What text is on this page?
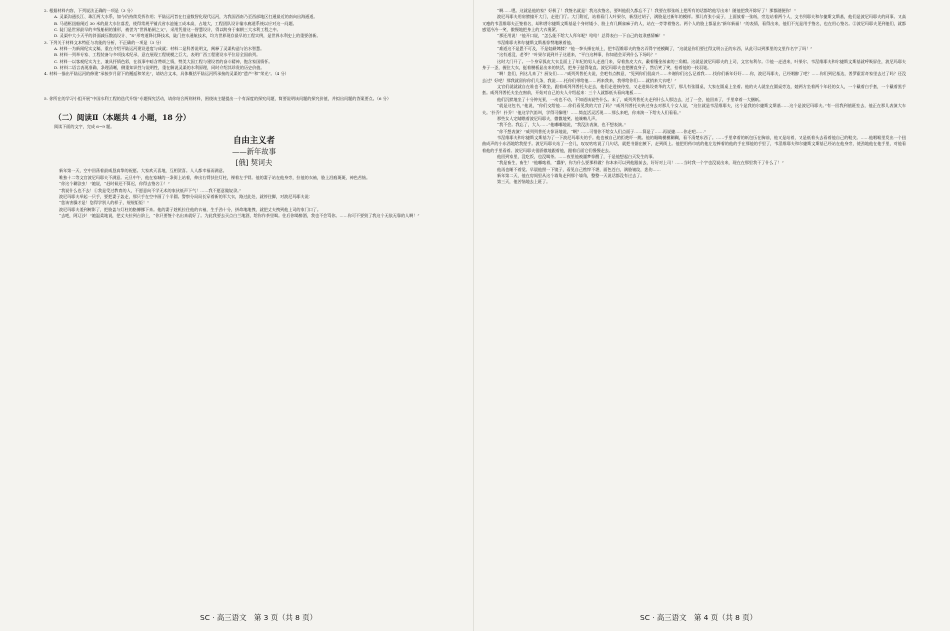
2. 根据材料内容，下列说法正确的一项是（3 分）

A. 灵渠沟通长江、珠江两大水系，如今仍持续发挥作用；平陆运河旨在打造数智化现代运河，为我国西南乃至西部地区打通最近的南向出海通道。

B. 马道枢纽船闸近 30 米的最大水位落差，使得常规平铺式省水池施工成本高，占地大，工程团队设计输水廊道系统以应对这一问题。

C. 陡门是世界最早的多级船闸的雏形，被誉为“世界船闸之父”，采用凭借这一智慧设计，得以跨身于秦朝三大水利工程之中。

D. 灵渠中大小天平的斜面减压散流设计、“S”形弯道降比降技术，陡门控水通航技术，均为世界现存最早的工程实例，是世界水利史上的重要创新。

3. 下列关于材料文本特征与功能的分析，不正确的一项是（3 分）

A. 材料一为新闻纪实文稿，重在介绍平陆运河建设进度与成就；材料二是科普说明文，阐释了灵渠构造与治水智慧。

B. 材料一列举专家、工程装备与多项技术纪录，意在展现工程规模之巨大，表明广西工程建设水平位居全国前列。

C. 材料一以客观纪实为主，兼具抒情色彩，在叙事中暗含赞颂之情，赞美大国工程与建设者的奋斗精神，饱含家国情怀。

D. 材料二语言表现准确、条理清晰，侧重知识性与说明性，重在解说灵渠的水利原理，同时介绍其珍贵的历史价值。

4. 材料一描出平陆运河的修建“承接岁月留下的邂逅和荣光”，请结合文本，具体概括平陆运河所承接的灵渠的“遗产”和“荣光”。（4 分）

5. 你所在的学习小组开展“中国水利工程的迭代升级”专题探究活动，请你结合两则材料，围绕该主题提出一个有深度的探究问题，简要说明该问题的探究价值，并拟出问题的答案要点。（6 分）

（二）阅读Ⅱ（本题共 4 小题，18 分）

阅读下面的文字，完成 6~9 题。

自由主义者

——新年故事

[俄] 契诃夫

新年第一天，空中回荡着最威恳真挚的祝愿。大家欢天喜地，互相贺喜。人人都幸福而满意。

唯独十二等文官波尼玛耶夫不满意。元旦中午，他在家城的一条街上站着，伸出右臂扶住灯柱，裸着左手臂。他的妻子站在他身旁，拉他的衣袖，脸上泪痕斑斑，神色苦恼。

“你这个糊涂虫！”她说，“赶时候还不算迟，你得去签名①！”

“我说什么也不去！①我是受过教育的人，不愿意向不学无术的家伙低声下气！……我不愿意做奴隶。”

波尼玛耶夫举起一只手，要把妻子轰走，那只手在空中画了个半圆。警察分局局长穿着新的军大衣，路过此处，就停住脚，对波尼玛耶夫说：

“您该害臊才是！您得学别人的样子，规规矩矩！”

波尼玛耶夫羞到树影了，把脸盖与灯柱的胳膊挪下来。他的妻子趁机拉住他的衣袖，生手劲十分，拼命地地拽，就把丈夫拽到他上司的家门口了。

“去吧，阿辽沙！”她温柔地说，把丈夫拉到台阶上，“你只要签个名出来就好了。为此我要去买点白兰地酒，给你作茶里喝。往后你喝醉酒，我也不会骂你。……你可不要毁了我这个无依无靠的人啊！”

“啊……嗯。这就是他的家？好极了！我签名就是！我这次签名，要叫他很久都忘不了！我要在那张纸上把所有的话都给他写出来！随他把我开除好了！那都随便你！”

波尼玛耶夫用肩膀撞开大门，走进门厅。大门附近，站着看门人叶果尔，新刮过胡子，满脸是过新年的模样。那儿有张小桌子，上面放着一张纸，旁边站着两个人，文书列耶夫和尔捷斯文斯基，他们是波尼玛耶夫的同事。又高又瘦的韦涅维耶夫正签着名，却和普尔捷斯文斯基是个身材矮小、脸上有几颗雀麻子的人，站在一旁等着签名。两个人的脸上都显出“新年新福！”的表情，看得出来，他们不光是用手签名，也在用心签名。②波尼玛耶夫见到他们，就都感觉冷冷一笑，傲慢地把身上的大衣裹紧。

“那还用说！”他开口说，“怎么能不给大人拜年呢？哈哈！总得表白一下自己的奴隶感情嘛！”

韦涅维耶夫和尔捷斯文斯基惊愕地瞅着他。

“难道这不是愚不可及，不是奴颜婢膝？”他一拳头捶在纸上，把韦涅维耶夫的签名弄得字迹模糊了，“这就是你们要过得文明公正的东西，从此可以到那里的文里作名字了吗！”

“这有道没，老爷？”叶果尔说到并子这道来，“平白这种事，你知道会弄到什么下场吗？”

这时大门开了。一个身穿狐皮大衣且面上了年纪的男人走进门来，穿着焦皮大衣，戴着镶金丝雀的三角帽。这就是波尼玛耶夫的上司，文官布利尔。③他一走进来，叶果尔、韦涅维耶夫和尔捷斯文斯基就呼吸屏住，波尼玛耶夫身子一歪，握住大衣，挺着腰板显出来的快活，把身子挺得笔直。波尼玛耶夫也把腰直身子，然后笑了笑，拾着他的一枝羽笔。

“啊！您们，到这儿来了？厨友们……”威列列普托夫说，会吧有点醉意，“见到你们很高兴……多谢你们这么记着我……找你们新年好好……你，波尼玛耶夫，已经咽醉了吧？……你们到尼基达，普罗霍雷奇家里去过了吗？还没去过？好吧！那我就留你你们几条，我说……托你们带给他……两来我来，我带给你们……就捎来大衣吧！”

文官们就就就自在谁也不敢坐，跟着威列列普托夫走去，他们走进接待室，又走进陈设豪华的大厅，那儿有张圆桌，大家在圆桌上坐着。他的夫人就坐在圆桌旁边，她两方坐着两个年轻的女人，一个戴着白手套，一个戴着黑手套。威列列普托夫坐在窗前，开始对自己的夫人介绍起来：三个人就都低头看向地板……

他们沉默地坐了十分钟光景，一动也不动，不知道该说些什么。末了，威列列普托夫走到什么人那边去，过了一会，他回来了，手里拿着一大捆纸。

“就是这包书，”他说，“你们交给他……你们看见我的大官了吗？”威列列普托夫转过身去对那几个女人说，“这位就是韦涅维耶夫，这个是我的尔捷斯文斯基……这个是波尼玛耶夫。”有一回我到值班室去，他正在那儿表演大车夫。‘扑乔！扑乔！’他这学汽笛叫，学得可像哩！……简直活灵活现……那么来吧，你来演一下给夫人们看看。”

那些女人定睛瞧着波尼玛耶夫，微微地笑。他咳嗽几声。

“我不会。我忘了，大人……”他嘟嘟地说，“我没法表演，也不想表演。”

“你不想表演？”威列列普托夫惊讶地说，“啊？……可惜你不给女人们点面子……算是了……再说捷……你走吧……”

韦涅维耶夫和尔捷斯文斯基为了一下波尼玛耶夫的手。他也被自己的拒绝吓一跳。他的眼睛模模糊糊，看不清楚东西了。……手里拿着的纸包压在胸前，他又是站着，又是低着头去看着他自己的鞋尖。……他咽喉里发出一个扭曲成声的小东西地给我捏手。波尼玛耶夫站了一会儿，叹叹咕咕说了几句话，就把书据在腋下，走到街上。他把用药巾底的他左边捧着的他的手在那他的手里了，韦涅维耶夫和尔捷斯文斯基已经站在他身旁，使劲地他在他手里，对他看着他的手里看着。波尼玛耶夫很骄傲地跟着他，跟着后面它们慢慢走去。

他回到家里，没吃饭，也没喝茶。……夜里他被噩梦惊醒了，于是他想起白天发生的事。

“我是畜生，畜生！”他嘟哝着，“蠢驴，你为什么要那样做？你本来可以到他跟前去，好好对上司！……当时我一个字也没说出来，现在在那里我干了什么了！”

他再也睡不着觉。早晨他照一下镜子，看见自己憔悴不堪，面色苍白，满脸皱纹，悲伤……

新年第二天，他在房间里从这个墙角走到那个墙角，整整一天说话都没有过去了。

第三天，他苦恼地去上班了。

SC · 高三语文　第 3 页（共 8 页）	SC · 高三语文　第 4 页（共 8 页）
